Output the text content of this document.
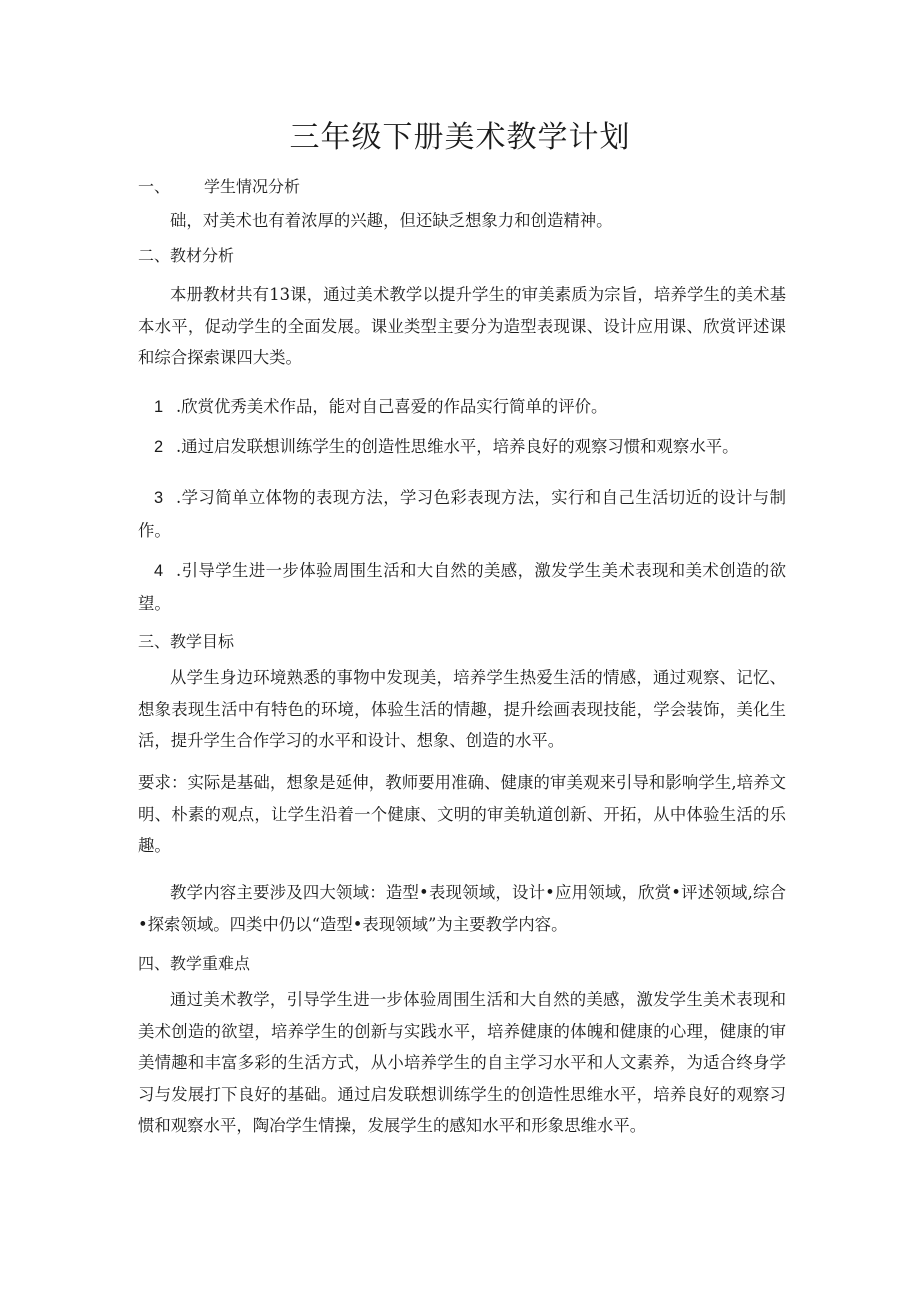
三年级下册美术教学计划
一、 学生情况分析

础，对美术也有着浓厚的兴趣，但还缺乏想象力和创造精神。

二、教材分析

本册教材共有13课，通过美术教学以提升学生的审美素质为宗旨，培养学生的美术基本水平，促动学生的全面发展。课业类型主要分为造型表现课、设计应用课、欣赏评述课和综合探索课四大类。

1 .欣赏优秀美术作品，能对自己喜爱的作品实行简单的评价。

2 .通过启发联想训练学生的创造性思维水平，培养良好的观察习惯和观察水平。

3 .学习简单立体物的表现方法，学习色彩表现方法，实行和自己生活切近的设计与制作。

4 .引导学生进一步体验周围生活和大自然的美感，激发学生美术表现和美术创造的欲望。

三、教学目标

从学生身边环境熟悉的事物中发现美，培养学生热爱生活的情感，通过观察、记忆、想象表现生活中有特色的环境，体验生活的情趣，提升绘画表现技能，学会装饰，美化生活，提升学生合作学习的水平和设计、想象、创造的水平。

要求：实际是基础，想象是延伸，教师要用准确、健康的审美观来引导和影响学生,培养文明、朴素的观点，让学生沿着一个健康、文明的审美轨道创新、开拓，从中体验生活的乐趣。

教学内容主要涉及四大领域：造型•表现领域，设计•应用领域，欣赏•评述领域,综合•探索领域。四类中仍以“造型•表现领域”为主要教学内容。

四、教学重难点

通过美术教学，引导学生进一步体验周围生活和大自然的美感，激发学生美术表现和美术创造的欲望，培养学生的创新与实践水平，培养健康的体魄和健康的心理，健康的审美情趣和丰富多彩的生活方式，从小培养学生的自主学习水平和人文素养，为适合终身学习与发展打下良好的基础。通过启发联想训练学生的创造性思维水平，培养良好的观察习惯和观察水平，陶冶学生情操，发展学生的感知水平和形象思维水平。
